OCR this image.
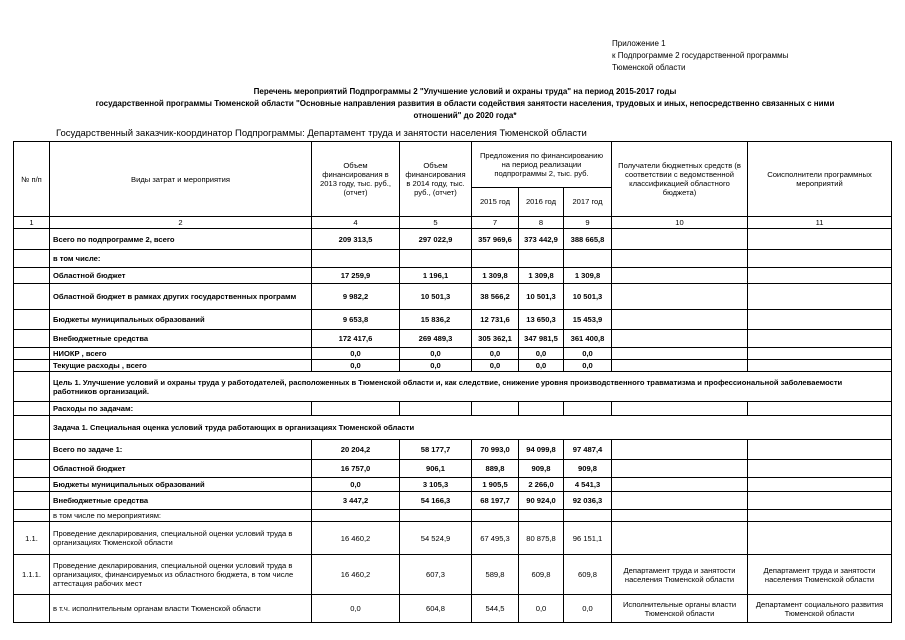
Приложение 1
к Подпрограмме 2 государственной программы
Тюменской области
Перечень мероприятий Подпрограммы 2 "Улучшение условий и охраны труда" на период 2015-2017 годы
государственной программы Тюменской области "Основные направления развития в области содействия занятости населения, трудовых и иных, непосредственно связанных с ними
отношений" до 2020 года*
Государственный заказчик-координатор Подпрограммы: Департамент труда и занятости населения Тюменской области
№ п/п	Виды затрат и мероприятия	Объем финансирования в 2013 году, тыс. руб., (отчет)	Объем финансирования в 2014 году, тыс. руб., (отчет)	Предложения по финансированию на период реализации подпрограммы 2, тыс. руб.			Получатели бюджетных средств (в соответствии с ведомственной классификацией областного бюджета)	Соисполнители программных мероприятий
				2015 год	2016 год	2017 год		
1	2	4	5	7	8	9	10	11
	Всего по подпрограмме 2, всего	209 313,5	297 022,9	357 969,6	373 442,9	388 665,8		
	в том числе:							
	Областной бюджет	17 259,9	1 196,1	1 309,8	1 309,8	1 309,8		
	Областной бюджет в рамках других государственных программ	9 982,2	10 501,3	38 566,2	10 501,3	10 501,3		
	Бюджеты муниципальных образований	9 653,8	15 836,2	12 731,6	13 650,3	15 453,9		
	Внебюджетные средства	172 417,6	269 489,3	305 362,1	347 981,5	361 400,8		
	НИОКР , всего	0,0	0,0	0,0	0,0	0,0		
	Текущие расходы , всего	0,0	0,0	0,0	0,0	0,0		
	Цель 1. Улучшение условий и охраны труда у работодателей, расположенных в Тюменской области и, как следствие, снижение уровня производственного травматизма и профессиональной заболеваемости работников организаций.							
	Расходы по задачам:							
	Задача 1. Специальная оценка условий труда работающих в организациях Тюменской области							
	Всего по задаче 1:	20 204,2	58 177,7	70 993,0	94 099,8	97 487,4		
	Областной бюджет	16 757,0	906,1	889,8	909,8	909,8		
	Бюджеты муниципальных образований	0,0	3 105,3	1 905,5	2 266,0	4 541,3		
	Внебюджетные средства	3 447,2	54 166,3	68 197,7	90 924,0	92 036,3		
	в том числе по мероприятиям:							
1.1.	Проведение декларирования, специальной оценки условий труда в организациях Тюменской области	16 460,2	54 524,9	67 495,3	80 875,8	96 151,1		
1.1.1.	Проведение декларирования, специальной оценки условий труда в организациях, финансируемых из областного бюджета, в том числе аттестация рабочих мест	16 460,2	607,3	589,8	609,8	609,8	Департамент труда и занятости населения Тюменской области	Департамент труда и занятости населения Тюменской области
	в т.ч. исполнительным органам власти Тюменской области	0,0	604,8	544,5	0,0	0,0	Исполнительные органы власти Тюменской области	Департамент социального развития Тюменской области
